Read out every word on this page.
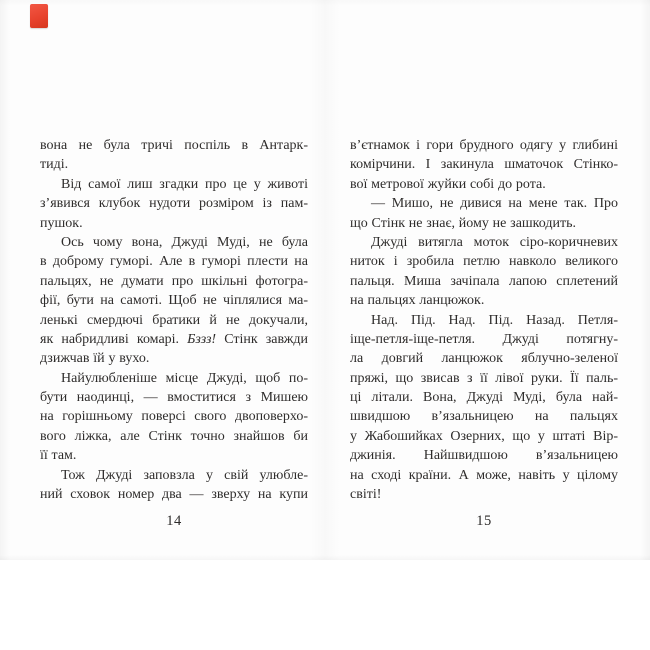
вона не була тричі поспіль в Антарк-
тиді.
Від самої лиш згадки про це у животі
з’явився клубок нудоти розміром із пам-
пушок.
Ось чому вона, Джуді Муді, не була
в доброму гуморі. Але в гуморі плести на
пальцях, не думати про шкільні фотогра-
фії, бути на самоті. Щоб не чіплялися ма-
ленькі смердючі братики й не докучали,
як набридливі комарі. Бззз! Стінк завжди
дзижчав їй у вухо.
Найулюбленіше місце Джуді, щоб по-
бути наодинці, — вмоститися з Мишею
на горішньому поверсі свого двоповерхо-
вого ліжка, але Стінк точно знайшов би
її там.
Тож Джуді заповзла у свій улюбле-
ний сховок номер два — зверху на купи
14
в’єтнамок і гори брудного одягу у глибині
комірчини. І закинула шматочок Стінко-
вої метрової жуйки собі до рота.
— Мишо, не дивися на мене так. Про
що Стінк не знає, йому не зашкодить.
Джуді витягла моток сіро-коричневих
ниток і зробила петлю навколо великого
пальця. Миша зачіпала лапою сплетений
на пальцях ланцюжок.
Над. Під. Над. Під. Назад. Петля-
іще-петля-іще-петля. Джуді потягну-
ла довгий ланцюжок яблучно-зеленої
пряжі, що звисав з її лівої руки. Її паль-
ці літали. Вона, Джуді Муді, була най-
швидшою в’язальницею на пальцях
у Жабошийках Озерних, що у штаті Вір-
джинія. Найшвидшою в’язальницею
на сході країни. А може, навіть у цілому
світі!
15
